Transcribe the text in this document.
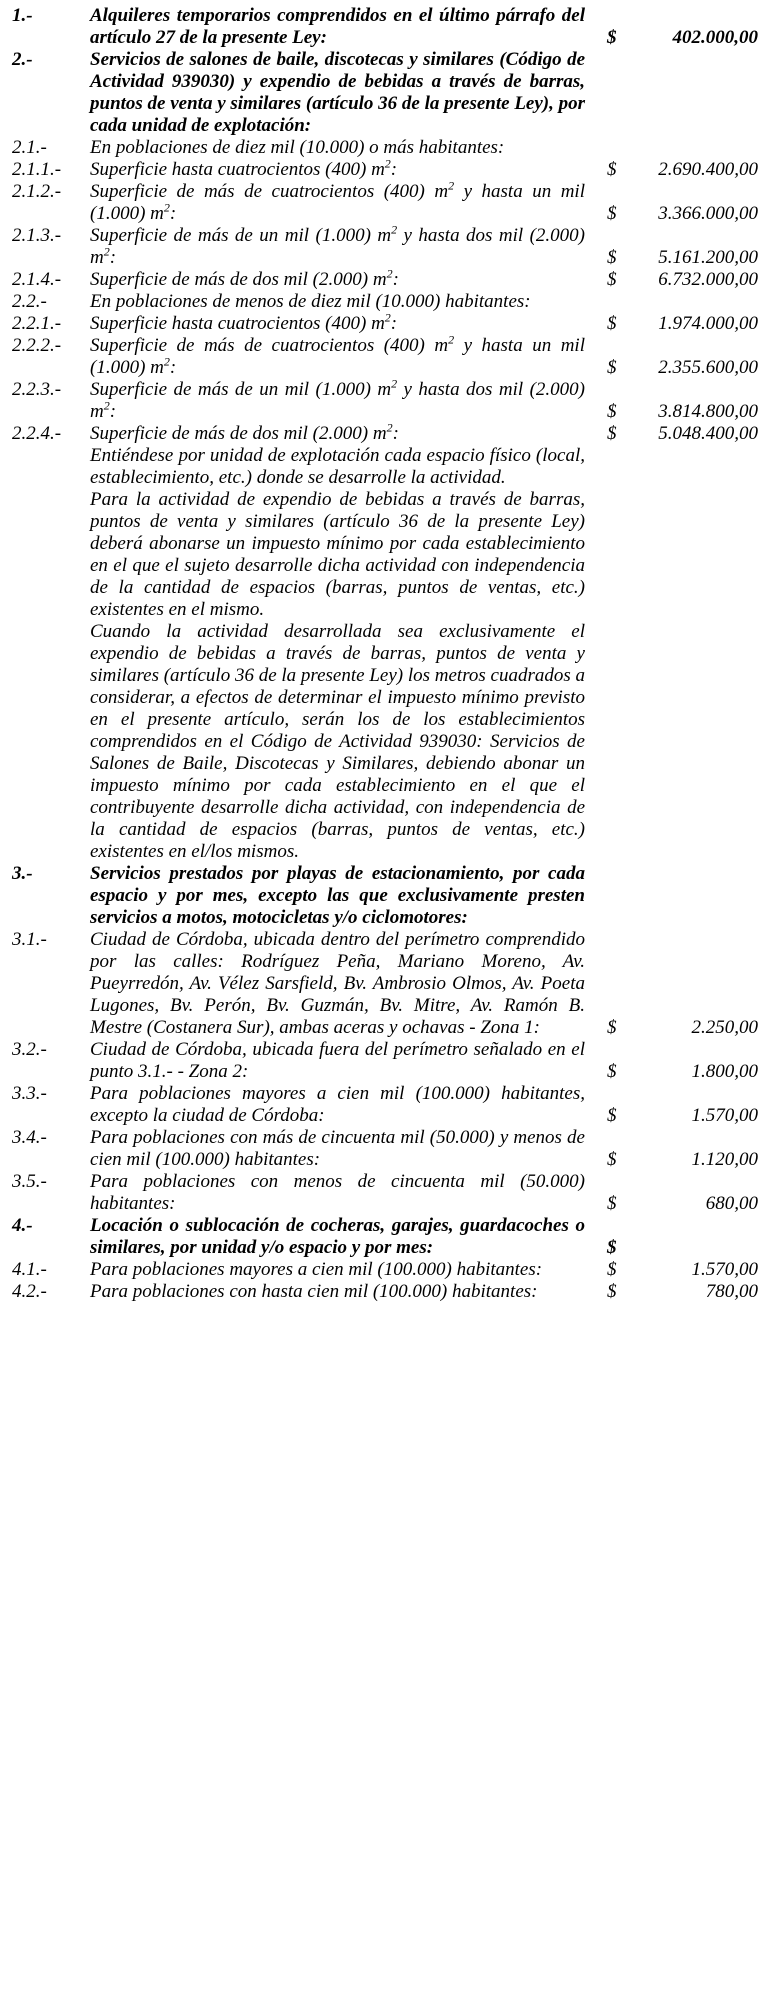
1.-	Alquileres temporarios comprendidos en el último párrafo del artículo 27 de la presente Ley:	$	402.000,00
2.-	Servicios de salones de baile, discotecas y similares (Código de Actividad 939030) y expendio de bebidas a través de barras, puntos de venta y similares (artículo 36 de la presente Ley), por cada unidad de explotación:
2.1.-	En poblaciones de diez mil (10.000) o más habitantes:
2.1.1.-	Superficie hasta cuatrocientos (400) $m^2$:	$	2.690.400,00
2.1.2.-	Superficie de más de cuatrocientos (400) $m^2$ y hasta un mil (1.000) $m^2$:	$	3.366.000,00
2.1.3.-	Superficie de más de un mil (1.000) $m^2$ y hasta dos mil (2.000) $m^2$:	$	5.161.200,00
2.1.4.-	Superficie de más de dos mil (2.000) $m^2$:	$	6.732.000,00
2.2.-	En poblaciones de menos de diez mil (10.000) habitantes:
2.2.1.-	Superficie hasta cuatrocientos (400) $m^2$:	$	1.974.000,00
2.2.2.-	Superficie de más de cuatrocientos (400) $m^2$ y hasta un mil (1.000) $m^2$:	$	2.355.600,00
2.2.3.-	Superficie de más de un mil (1.000) $m^2$ y hasta dos mil (2.000) $m^2$:	$	3.814.800,00
2.2.4.-	Superficie de más de dos mil (2.000) $m^2$:	$	5.048.400,00
Entiéndese por unidad de explotación cada espacio físico (local, establecimiento, etc.) donde se desarrolle la actividad.
Para la actividad de expendio de bebidas a través de barras, puntos de venta y similares (artículo 36 de la presente Ley) deberá abonarse un impuesto mínimo por cada establecimiento en el que el sujeto desarrolle dicha actividad con independencia de la cantidad de espacios (barras, puntos de ventas, etc.) existentes en el mismo.
Cuando la actividad desarrollada sea exclusivamente el expendio de bebidas a través de barras, puntos de venta y similares (artículo 36 de la presente Ley) los metros cuadrados a considerar, a efectos de determinar el impuesto mínimo previsto en el presente artículo, serán los de los establecimientos comprendidos en el Código de Actividad 939030: Servicios de Salones de Baile, Discotecas y Similares, debiendo abonar un impuesto mínimo por cada establecimiento en el que el contribuyente desarrolle dicha actividad, con independencia de la cantidad de espacios (barras, puntos de ventas, etc.) existentes en el/los mismos.
3.-	Servicios prestados por playas de estacionamiento, por cada espacio y por mes, excepto las que exclusivamente presten servicios a motos, motocicletas y/o ciclomotores:
3.1.-	Ciudad de Córdoba, ubicada dentro del perímetro comprendido por las calles: Rodríguez Peña, Mariano Moreno, Av. Pueyrredón, Av. Vélez Sarsfield, Bv. Ambrosio Olmos, Av. Poeta Lugones, Bv. Perón, Bv. Guzmán, Bv. Mitre, Av. Ramón B. Mestre (Costanera Sur), ambas aceras y ochavas - Zona 1:	$	2.250,00
3.2.-	Ciudad de Córdoba, ubicada fuera del perímetro señalado en el punto 3.1.- - Zona 2:	$	1.800,00
3.3.-	Para poblaciones mayores a cien mil (100.000) habitantes, excepto la ciudad de Córdoba:	$	1.570,00
3.4.-	Para poblaciones con más de cincuenta mil (50.000) y menos de cien mil (100.000) habitantes:	$	1.120,00
3.5.-	Para poblaciones con menos de cincuenta mil (50.000) habitantes:	$	680,00
4.-	Locación o sublocación de cocheras, garajes, guardacoches o similares, por unidad y/o espacio y por mes:	$
4.1.-	Para poblaciones mayores a cien mil (100.000) habitantes:	$	1.570,00
4.2.-	Para poblaciones con hasta cien mil (100.000) habitantes:	$	780,00
